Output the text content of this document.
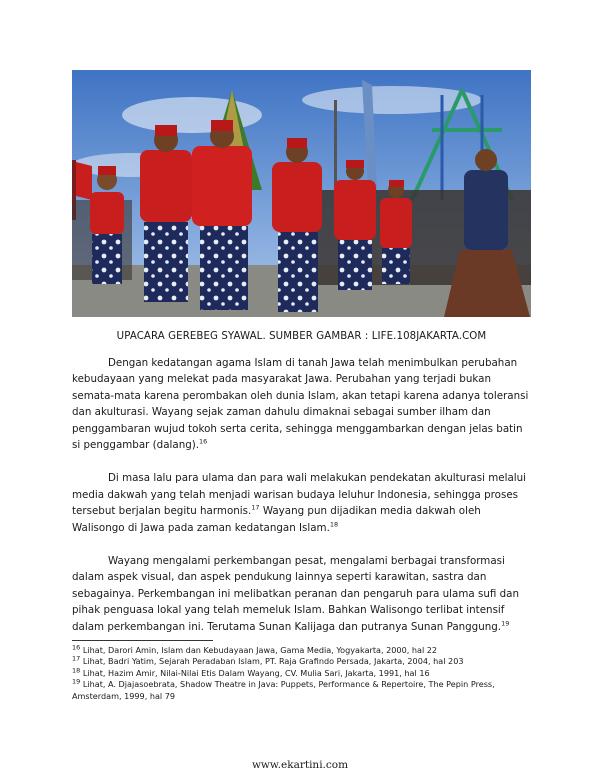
UPACARA GEREBEG SYAWAL. SUMBER GAMBAR : LIFE.108JAKARTA.COM

Dengan kedatangan agama Islam di tanah Jawa telah menimbulkan perubahan kebudayaan yang melekat pada masyarakat Jawa. Perubahan yang terjadi bukan semata-mata karena perombakan oleh dunia Islam, akan tetapi karena adanya toleransi dan akulturasi. Wayang sejak zaman dahulu dimaknai sebagai sumber ilham dan penggambaran wujud tokoh serta cerita, sehingga menggambarkan dengan jelas batin si penggambar (dalang).$^{16}$

Di masa lalu para ulama dan para wali melakukan pendekatan akulturasi melalui media dakwah yang telah menjadi warisan budaya leluhur Indonesia, sehingga proses tersebut berjalan begitu harmonis.$^{17}$ Wayang pun dijadikan media dakwah oleh Walisongo di Jawa pada zaman kedatangan Islam.$^{18}$

Wayang mengalami perkembangan pesat, mengalami berbagai transformasi dalam aspek visual, dan aspek pendukung lainnya seperti karawitan, sastra dan sebagainya. Perkembangan ini melibatkan peranan dan pengaruh para ulama sufi dan pihak penguasa lokal yang telah memeluk Islam. Bahkan Walisongo terlibat intensif dalam perkembangan ini. Terutama Sunan Kalijaga dan putranya Sunan Panggung.$^{19}$

$^{16}$ Lihat, Darori Amin, Islam dan Kebudayaan Jawa, Gama Media, Yogyakarta, 2000, hal 22

$^{17}$ Lihat, Badri Yatim, Sejarah Peradaban Islam, PT. Raja Grafindo Persada, Jakarta, 2004, hal 203

$^{18}$ Lihat, Hazim Amir, Nilai-Nilai Etis Dalam Wayang, CV. Mulia Sari, Jakarta, 1991, hal 16

$^{19}$ Lihat, A. Djajasoebrata, Shadow Theatre in Java: Puppets, Performance & Repertoire, The Pepin Press, Amsterdam, 1999, hal 79

www.ekartini.com
